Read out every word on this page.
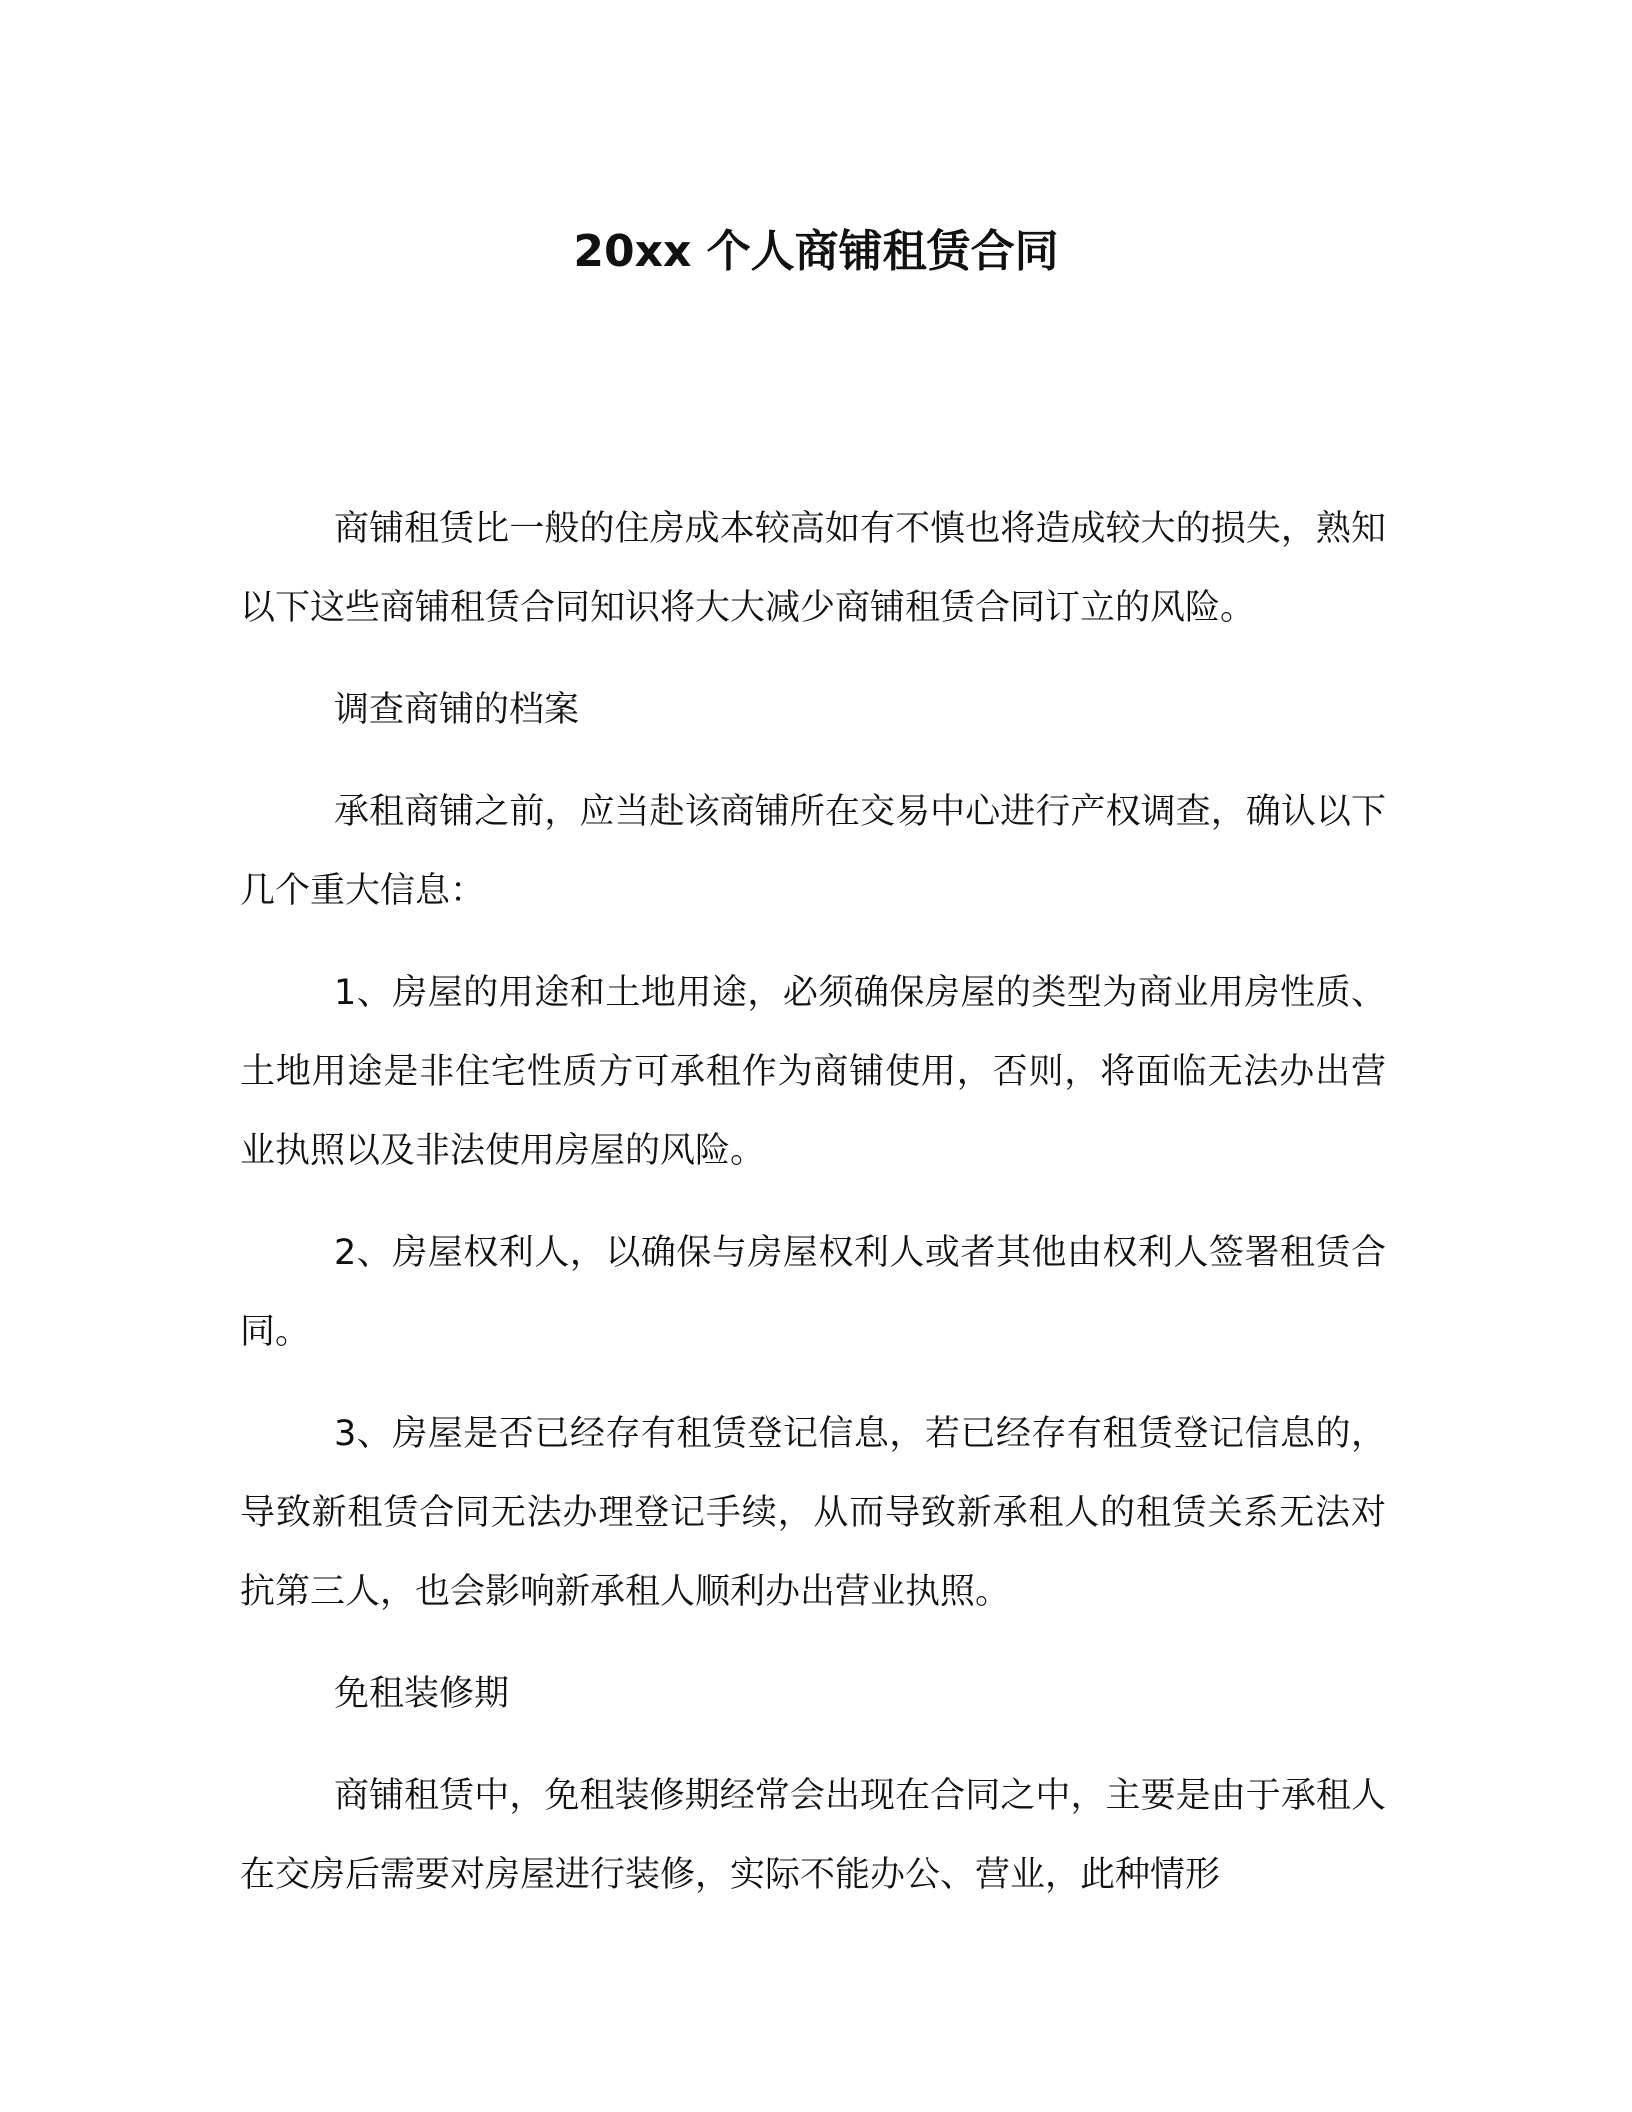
20xx 个人商铺租赁合同

商铺租赁比一般的住房成本较高如有不慎也将造成较大的损失，熟知以下这些商铺租赁合同知识将大大减少商铺租赁合同订立的风险。

调查商铺的档案

承租商铺之前，应当赴该商铺所在交易中心进行产权调查，确认以下几个重大信息：

1、房屋的用途和土地用途，必须确保房屋的类型为商业用房性质、土地用途是非住宅性质方可承租作为商铺使用，否则，将面临无法办出营业执照以及非法使用房屋的风险。

2、房屋权利人，以确保与房屋权利人或者其他由权利人签署租赁合同。

3、房屋是否已经存有租赁登记信息，若已经存有租赁登记信息的，导致新租赁合同无法办理登记手续，从而导致新承租人的租赁关系无法对抗第三人，也会影响新承租人顺利办出营业执照。

免租装修期

商铺租赁中，免租装修期经常会出现在合同之中，主要是由于承租人在交房后需要对房屋进行装修，实际不能办公、营业，此种情形
